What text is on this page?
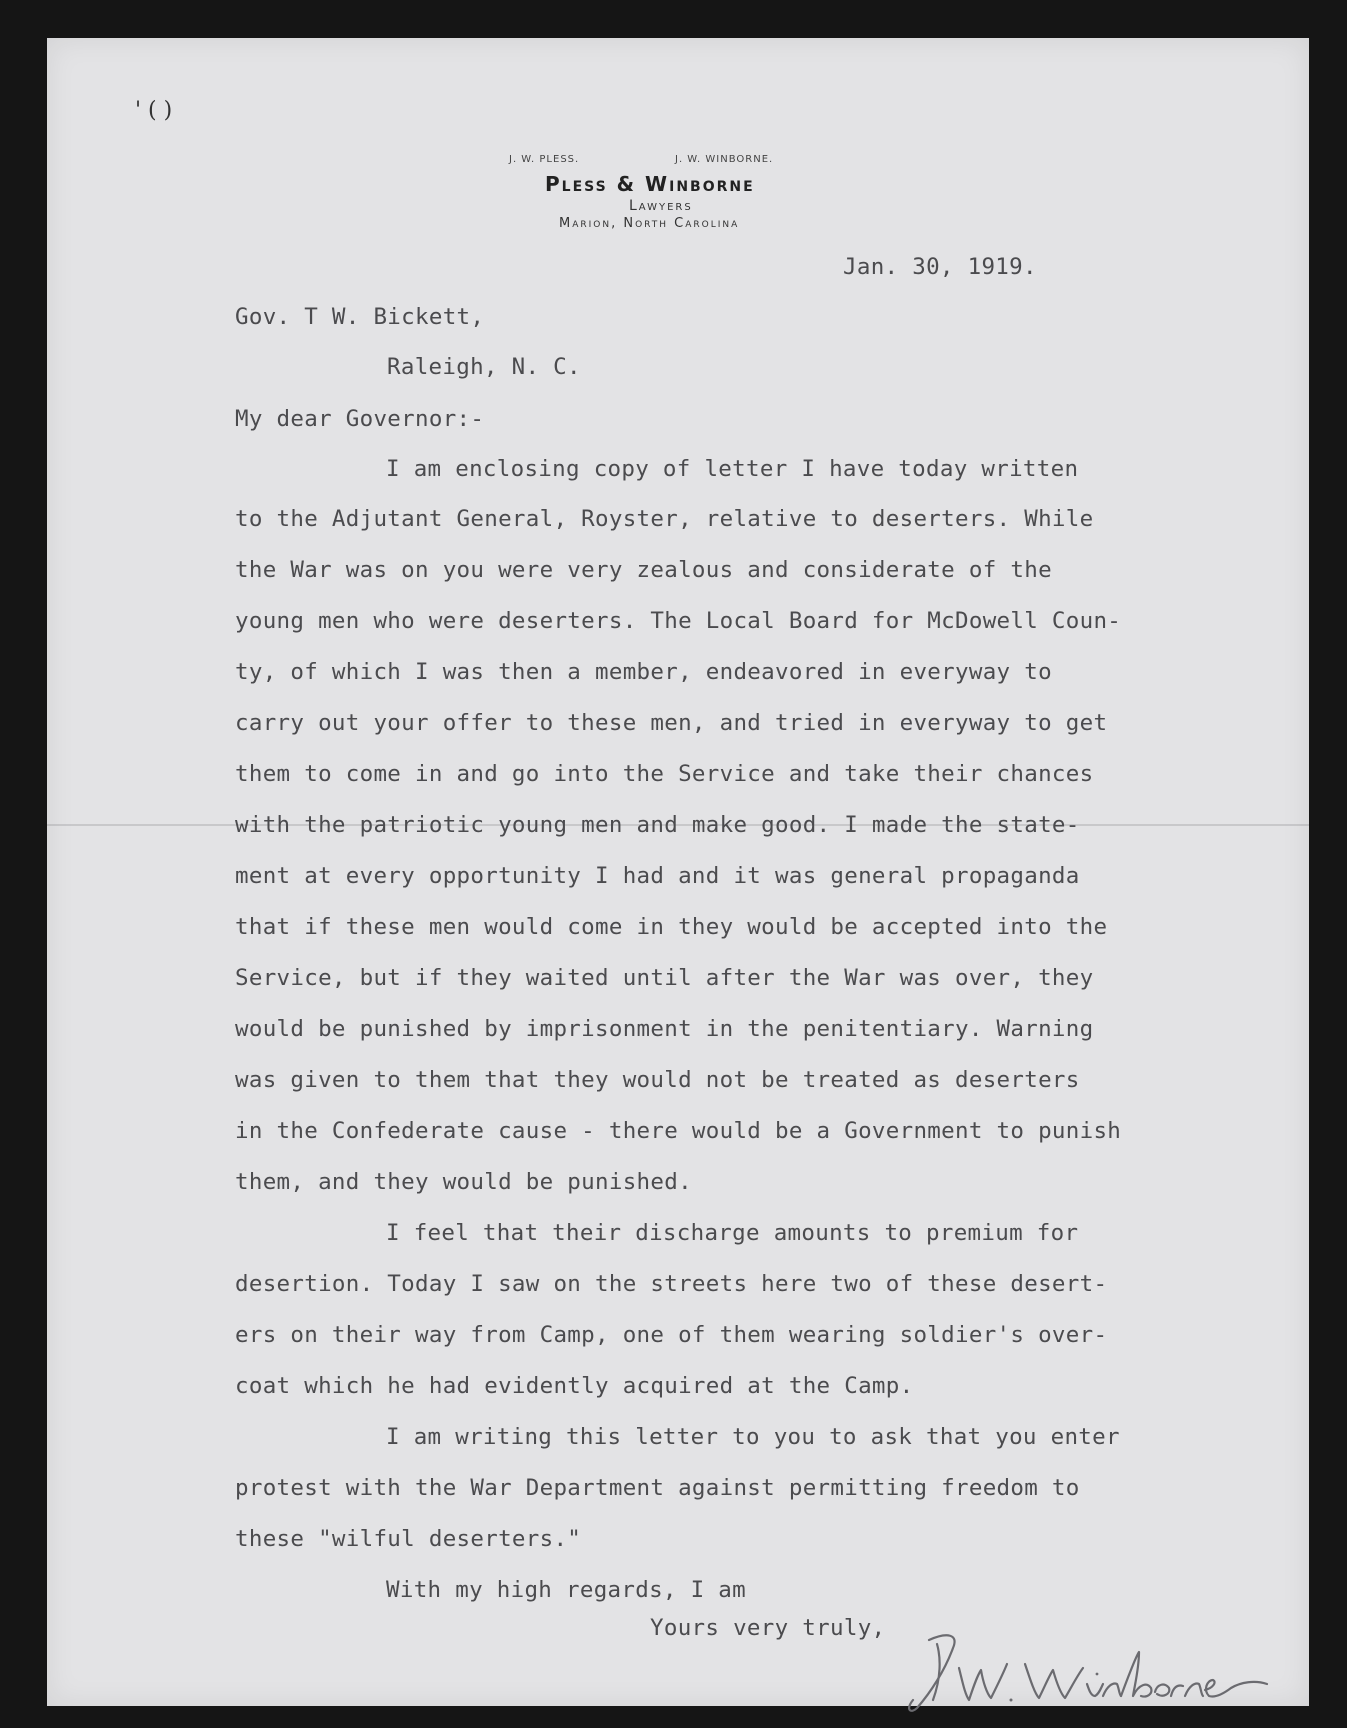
' ( )
J. W. PLESS.	J. W. WINBORNE.
Pless & Winborne
Lawyers
Marion, North Carolina
Jan. 30, 1919.
Gov. T W. Bickett,
Raleigh, N. C.
My dear Governor:-
I am enclosing copy of letter I have today written
to the Adjutant General, Royster, relative to deserters. While
the War was on you were very zealous and considerate of the
young men who were deserters. The Local Board for McDowell Coun-
ty, of which I was then a member, endeavored in everyway to
carry out your offer to these men, and tried in everyway to get
them to come in and go into the Service and take their chances
with the patriotic young men and make good. I made the state-
ment at every opportunity I had and it was general propaganda
that if these men would come in they would be accepted into the
Service, but if they waited until after the War was over, they
would be punished by imprisonment in the penitentiary. Warning
was given to them that they would not be treated as deserters
in the Confederate cause - there would be a Government to punish
them, and they would be punished.
I feel that their discharge amounts to premium for
desertion. Today I saw on the streets here two of these desert-
ers on their way from Camp, one of them wearing soldier's over-
coat which he had evidently acquired at the Camp.
I am writing this letter to you to ask that you enter
protest with the War Department against permitting freedom to
these "wilful deserters."
With my high regards, I am
Yours very truly,
